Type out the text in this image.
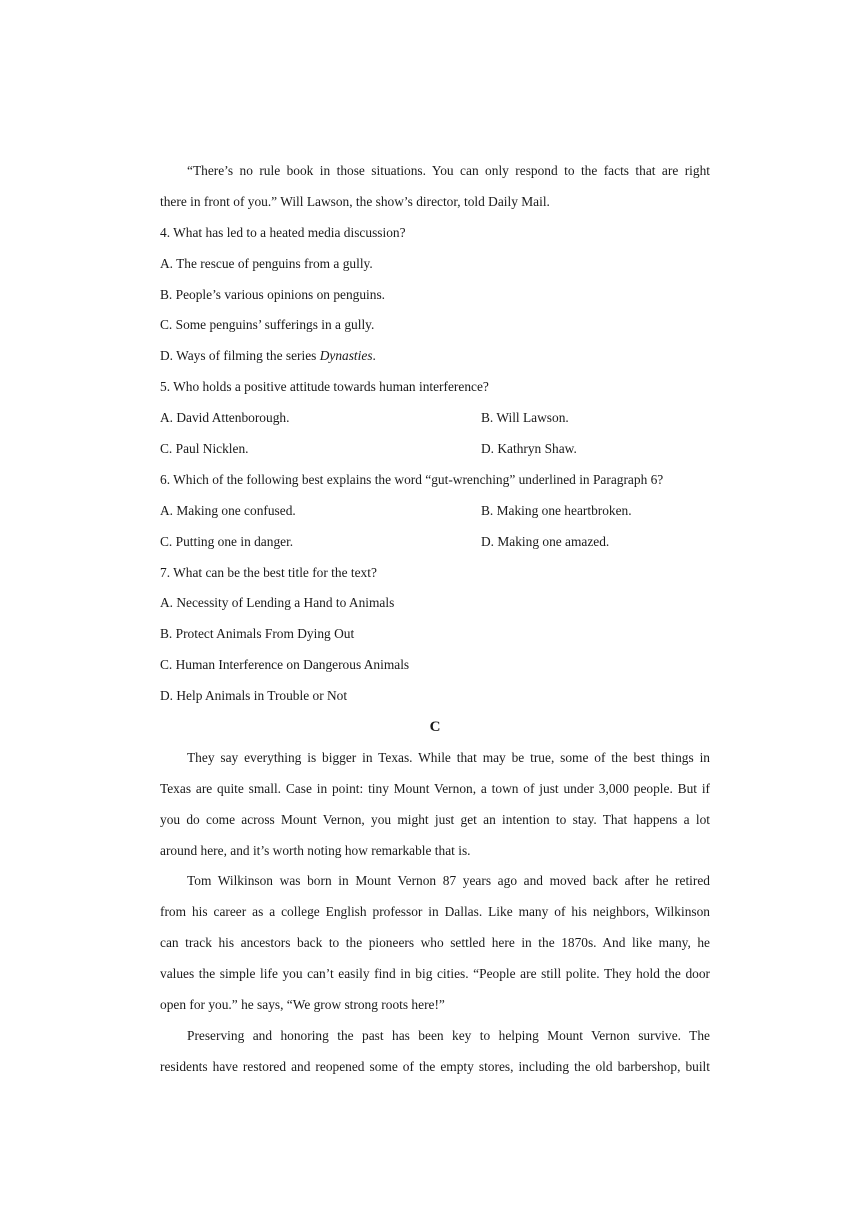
“There’s no rule book in those situations. You can only respond to the facts that are right
there in front of you.” Will Lawson, the show’s director, told Daily Mail.
4. What has led to a heated media discussion?
A. The rescue of penguins from a gully.
B. People’s various opinions on penguins.
C. Some penguins’ sufferings in a gully.
D. Ways of filming the series Dynasties.
5. Who holds a positive attitude towards human interference?
A. David Attenborough.	B. Will Lawson.
C. Paul Nicklen.	D. Kathryn Shaw.
6. Which of the following best explains the word “gut-wrenching” underlined in Paragraph 6?
A. Making one confused.	B. Making one heartbroken.
C. Putting one in danger.	D. Making one amazed.
7. What can be the best title for the text?
A. Necessity of Lending a Hand to Animals
B. Protect Animals From Dying Out
C. Human Interference on Dangerous Animals
D. Help Animals in Trouble or Not
C
They say everything is bigger in Texas. While that may be true, some of the best things in
Texas are quite small. Case in point: tiny Mount Vernon, a town of just under 3,000 people. But if
you do come across Mount Vernon, you might just get an intention to stay. That happens a lot
around here, and it’s worth noting how remarkable that is.
Tom Wilkinson was born in Mount Vernon 87 years ago and moved back after he retired
from his career as a college English professor in Dallas. Like many of his neighbors, Wilkinson
can track his ancestors back to the pioneers who settled here in the 1870s. And like many, he
values the simple life you can’t easily find in big cities. “People are still polite. They hold the door
open for you.” he says, “We grow strong roots here!”
Preserving and honoring the past has been key to helping Mount Vernon survive. The
residents have restored and reopened some of the empty stores, including the old barbershop, built
